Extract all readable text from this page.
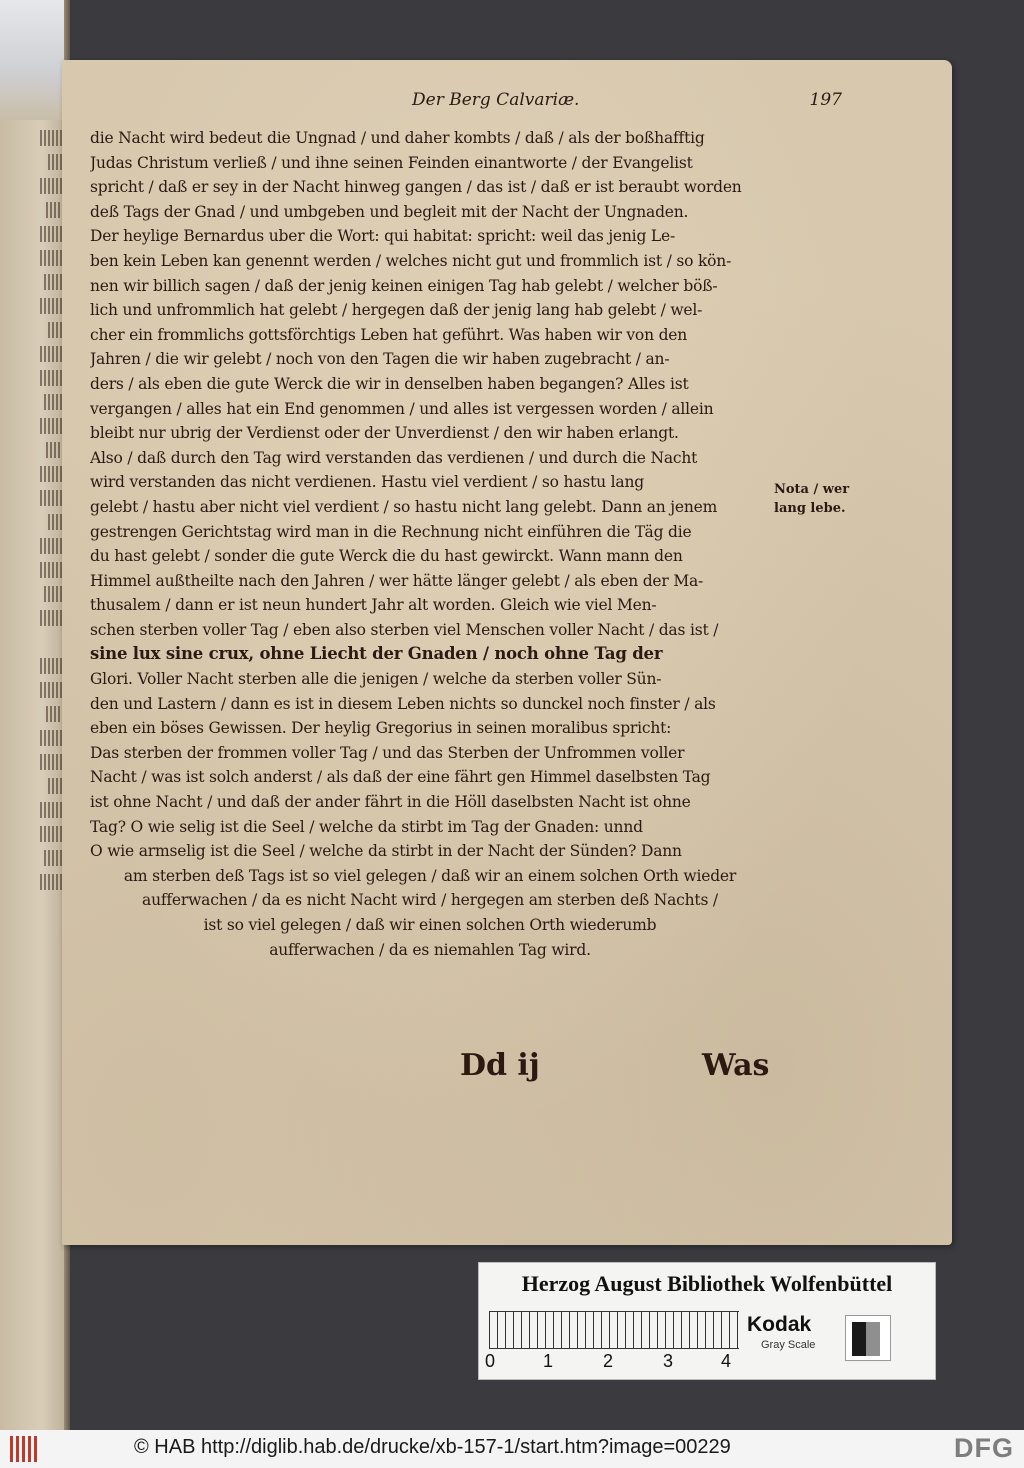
Der Berg Calvariæ.	197
die Nacht wird bedeut die Ungnad / und daher kombts / daß / als der boßhafftig
Judas Christum verließ / und ihne seinen Feinden einantworte / der Evangelist
spricht / daß er sey in der Nacht hinweg gangen / das ist / daß er ist beraubt worden
deß Tags der Gnad / und umbgeben und begleit mit der Nacht der Ungnaden.
Der heylige Bernardus uber die Wort: qui habitat: spricht: weil das jenig Le-
ben kein Leben kan genennt werden / welches nicht gut und frommlich ist / so kön-
nen wir billich sagen / daß der jenig keinen einigen Tag hab gelebt / welcher böß-
lich und unfrommlich hat gelebt / hergegen daß der jenig lang hab gelebt / wel-
cher ein frommlichs gottsförchtigs Leben hat geführt. Was haben wir von den
Jahren / die wir gelebt / noch von den Tagen die wir haben zugebracht / an-
ders / als eben die gute Werck die wir in denselben haben begangen? Alles ist
vergangen / alles hat ein End genommen / und alles ist vergessen worden / allein
bleibt nur ubrig der Verdienst oder der Unverdienst / den wir haben erlangt.
Also / daß durch den Tag wird verstanden das verdienen / und durch die Nacht
wird verstanden das nicht verdienen. Hastu viel verdient / so hastu lang
gelebt / hastu aber nicht viel verdient / so hastu nicht lang gelebt. Dann an jenem
gestrengen Gerichtstag wird man in die Rechnung nicht einführen die Täg die
du hast gelebt / sonder die gute Werck die du hast gewirckt. Wann mann den
Himmel außtheilte nach den Jahren / wer hätte länger gelebt / als eben der Ma-
thusalem / dann er ist neun hundert Jahr alt worden. Gleich wie viel Men-
schen sterben voller Tag / eben also sterben viel Menschen voller Nacht / das ist /
sine lux sine crux, ohne Liecht der Gnaden / noch ohne Tag der
Glori. Voller Nacht sterben alle die jenigen / welche da sterben voller Sün-
den und Lastern / dann es ist in diesem Leben nichts so dunckel noch finster / als
eben ein böses Gewissen. Der heylig Gregorius in seinen moralibus spricht:
Das sterben der frommen voller Tag / und das Sterben der Unfrommen voller
Nacht / was ist solch anderst / als daß der eine fährt gen Himmel daselbsten Tag
ist ohne Nacht / und daß der ander fährt in die Höll daselbsten Nacht ist ohne
Tag? O wie selig ist die Seel / welche da stirbt im Tag der Gnaden: unnd
O wie armselig ist die Seel / welche da stirbt in der Nacht der Sünden? Dann
am sterben deß Tags ist so viel gelegen / daß wir an einem solchen Orth wieder
aufferwachen / da es nicht Nacht wird / hergegen am sterben deß Nachts /
ist so viel gelegen / daß wir einen solchen Orth wiederumb
aufferwachen / da es niemahlen Tag wird.
Nota / wer
lang lebe.
Dd ij	Was
Herzog August Bibliothek Wolfenbüttel
0	1	2	3	4
Kodak
Gray Scale
© HAB http://diglib.hab.de/drucke/xb-157-1/start.htm?image=00229	DFG
